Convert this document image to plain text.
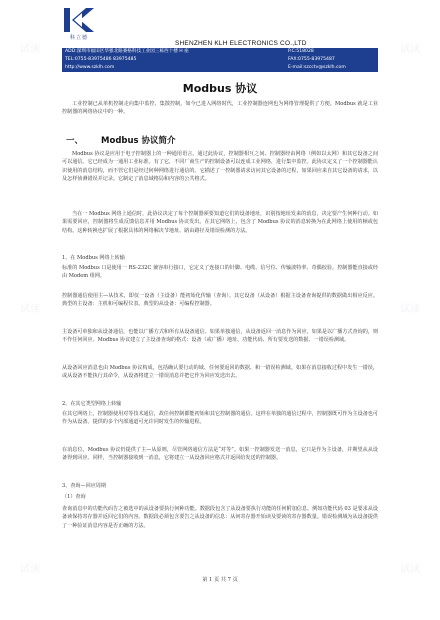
试读	试读
试读	试读
试读	试读
科立德
SHENZHEN KLH ELECTRONICS CO.,LTD
ADD:深圳市福田区华强北路赛格科技工业园三栋西十楼 H 座	P.C:518028
TEL:0755-83975486 83975485	FAX:0755-83975487
http://www.szklh.com	E-mail:szcctv@szklh.com
Modbus 协议

工业控制已从单机控制走向集中监控、集散控制，如今已进入网络时代，工业控制器连网也为网络管理提供了方便。Modbus 就是工业控制器的网络协议中的一种。

一、 Modbus 协议简介

Modbus 协议是应用于电子控制器上的一种通用语言。通过此协议，控制器相互之间、控制器经由网络（例如以太网）和其它设备之间可以通信。它已经成为一通用工业标准。有了它，不同厂商生产的控制设备可以连成工业网络，进行集中监控。此协议定义了一个控制器能认识使用的消息结构，而不管它们是经过何种网络进行通信的。它描述了一控制器请求访问其它设备的过程，如果回应来自其它设备的请求，以及怎样侦测错误并记录。它制定了消息域格局和内容的公共格式。

当在一 Modbus 网络上通信时，此协议决定了每个控制器须要知道它们的设备地址，识别按地址发来的消息，决定要产生何种行动。如果需要回应，控制器将生成反馈信息并用 Modbus 协议发出。在其它网络上，包含了 Modbus 协议的消息转换为在此网络上使用的帧或包结构。这种转换也扩展了根据具体的网络解决节地址、路由路径及错误检测的方法。

1、在 Modbus 网络上转输

标准的 Modbus 口是使用一 RS-232C 兼容串行接口，它定义了连接口的针脚、电缆、信号位、传输波特率、奇偶校验。控制器能直接或经由 Modem 组网。

控制器通信使用主—从技术，即仅一设备（主设备）能初始化传输（查询）。其它设备（从设备）根据主设备查询提供的数据做出相应反应。典型的主设备：主机和可编程仪表。典型的从设备：可编程控制器。

主设备可单独和从设备通信，也能以广播方式和所有从设备通信。如果单独通信，从设备返回一消息作为回应，如果是以广播方式查询的，则不作任何回应。Modbus 协议建立了主设备查询的格式：设备（或广播）地址、功能代码、所有要发送的数据、一错误检测域。

从设备回应消息也由 Modbus 协议构成，包括确认要行动的域、任何要返回的数据、和一错误检测域。如果在消息接收过程中发生一错误，或从设备不能执行其命令，从设备将建立一错误消息并把它作为回应发送出去。

2、在其它类型网络上转输

在其它网络上，控制器使用对等技术通信，故任何控制都能初始和其它控制器的通信。这样在单独的通信过程中，控制器既可作为主设备也可作为从设备。提供的多个内部通道可允许同时发生的传输进程。

在消息位，Modbus 协议仍提供了主—从原则，尽管网络通信方法是“对等”。如果一控制器发送一消息，它只是作为主设备，并期望从从设备得到回应。同样，当控制器接收到一消息，它将建立一从设备回应格式并返回给发送的控制器。

3、查询—回应周期

（1）查询

查询消息中的功能代码告之被选中的从设备要执行何种功能。数据段包含了从设备要执行功能的任何附加信息。例如功能代码 03 是要求从设备读保持寄存器并返回它们的内容。数据段必须包含要告之从设备的信息：从何寄存器开始读及要读的寄存器数量。错误检测域为从设备提供了一种验证消息内容是否正确的方法。

第 1 页 共 7 页
